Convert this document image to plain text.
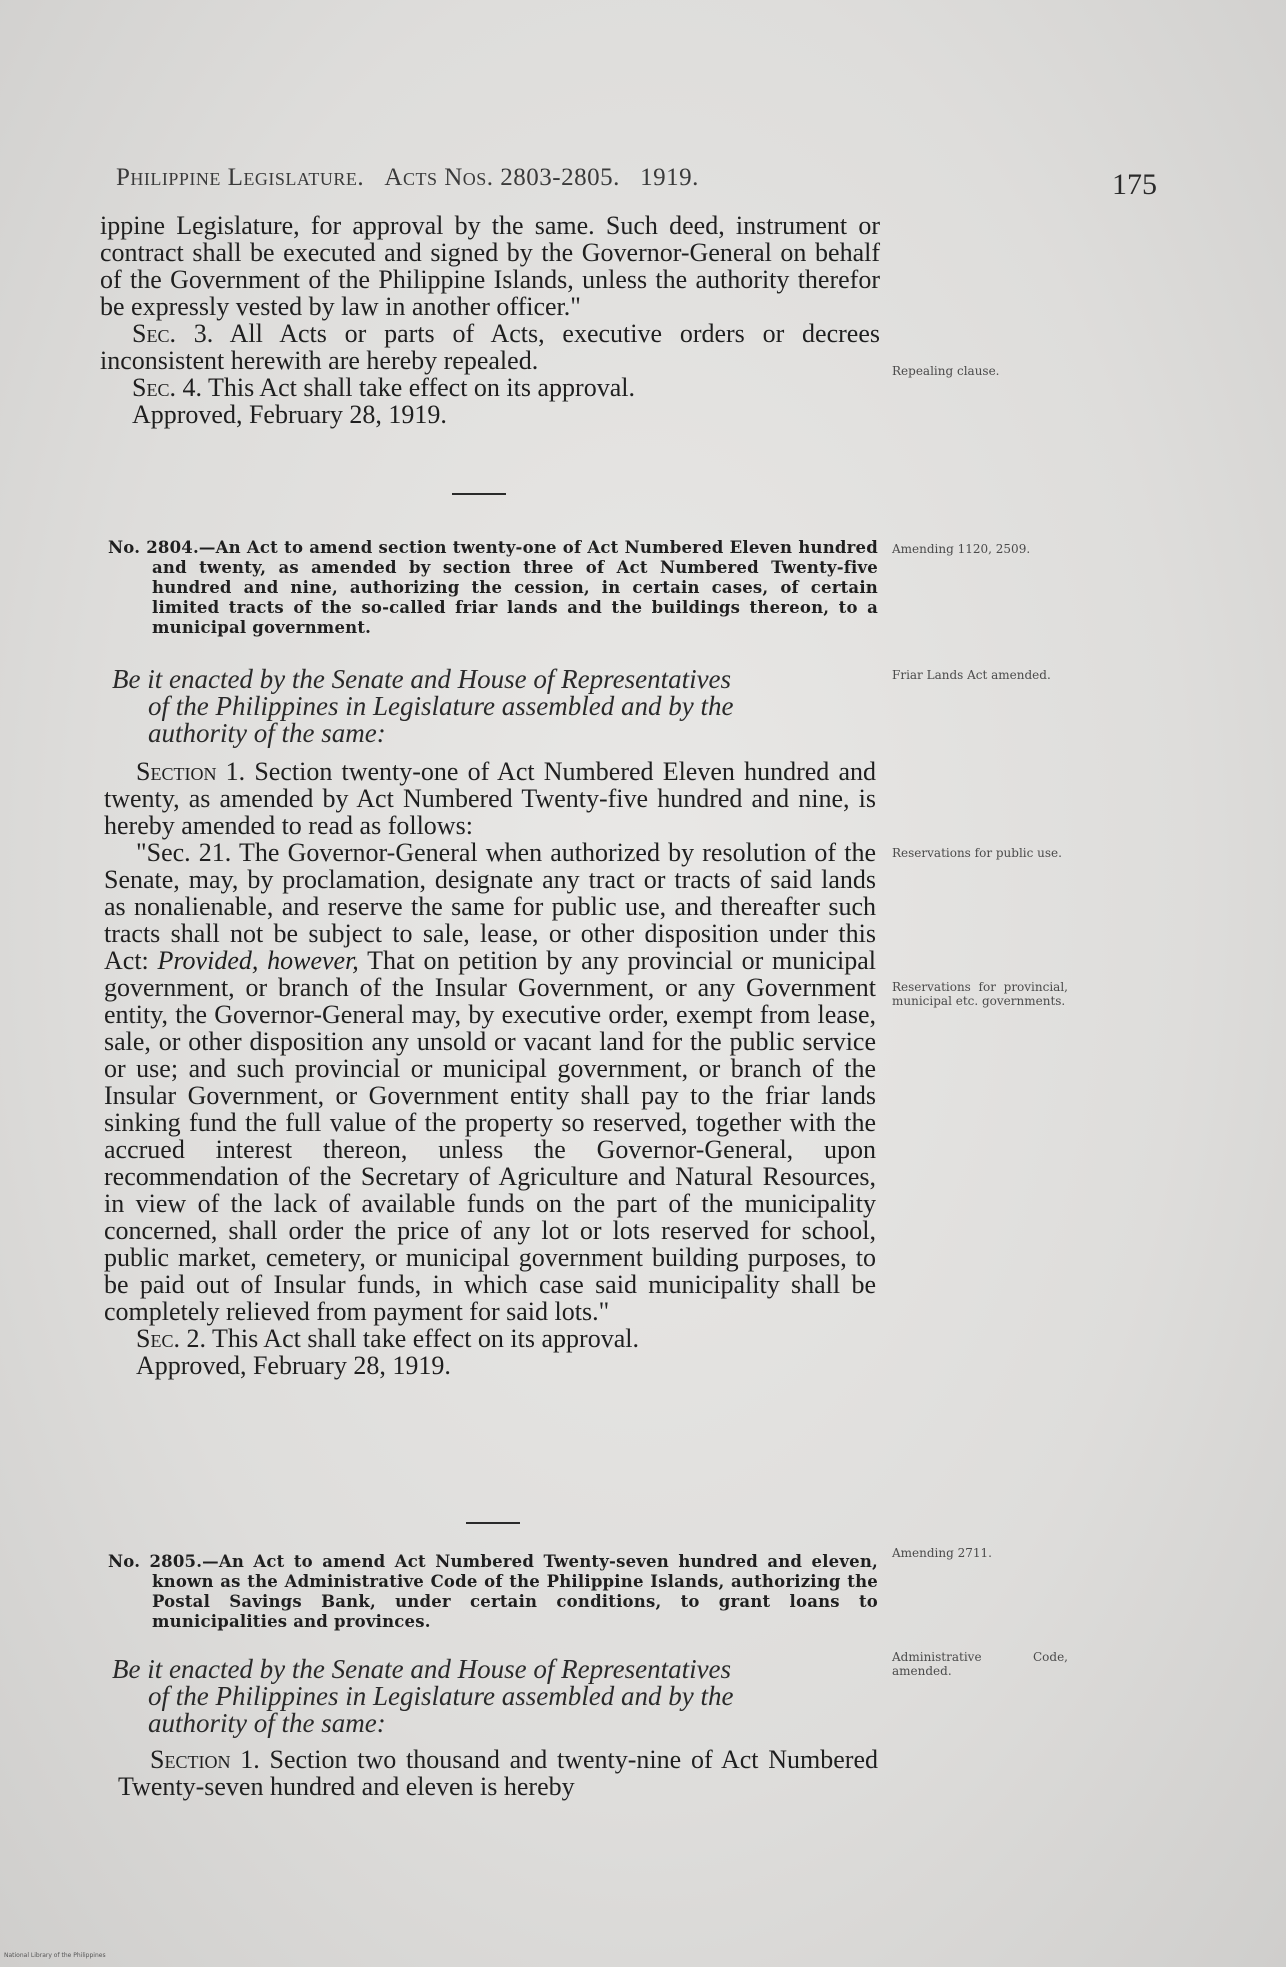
Philippine Legislature. Acts Nos. 2803-2805. 1919.	175

ippine Legislature, for approval by the same. Such deed, instrument or contract shall be executed and signed by the Governor-General on behalf of the Government of the Philippine Islands, unless the authority therefor be expressly vested by law in another officer."

Sec. 3. All Acts or parts of Acts, executive orders or decrees inconsistent herewith are hereby repealed.

Sec. 4. This Act shall take effect on its approval.

Approved, February 28, 1919.

No. 2804.—An Act to amend section twenty-one of Act Numbered Eleven hundred and twenty, as amended by section three of Act Numbered Twenty-five hundred and nine, authorizing the cession, in certain cases, of certain limited tracts of the so-called friar lands and the buildings thereon, to a municipal government.
Be it enacted by the Senate and House of Representatives
of the Philippines in Legislature assembled and by the
authority of the same:

Section 1. Section twenty-one of Act Numbered Eleven hundred and twenty, as amended by Act Numbered Twenty-five hundred and nine, is hereby amended to read as follows:

"Sec. 21. The Governor-General when authorized by resolution of the Senate, may, by proclamation, designate any tract or tracts of said lands as nonalienable, and reserve the same for public use, and thereafter such tracts shall not be subject to sale, lease, or other disposition under this Act: Provided, however, That on petition by any provincial or municipal government, or branch of the Insular Government, or any Government entity, the Governor-General may, by executive order, exempt from lease, sale, or other disposition any unsold or vacant land for the public service or use; and such provincial or municipal government, or branch of the Insular Government, or Government entity shall pay to the friar lands sinking fund the full value of the property so reserved, together with the accrued interest thereon, unless the Governor-General, upon recommendation of the Secretary of Agriculture and Natural Resources, in view of the lack of available funds on the part of the municipality concerned, shall order the price of any lot or lots reserved for school, public market, cemetery, or municipal government building purposes, to be paid out of Insular funds, in which case said municipality shall be completely relieved from payment for said lots."

Sec. 2. This Act shall take effect on its approval.

Approved, February 28, 1919.

No. 2805.—An Act to amend Act Numbered Twenty-seven hundred and eleven, known as the Administrative Code of the Philippine Islands, authorizing the Postal Savings Bank, under certain conditions, to grant loans to municipalities and provinces.
Be it enacted by the Senate and House of Representatives
of the Philippines in Legislature assembled and by the
authority of the same:

Section 1. Section two thousand and twenty-nine of Act Numbered Twenty-seven hundred and eleven is hereby

Repealing clause.
Amending 1120, 2509.
Friar Lands Act amended.
Reservations for public use.
Reservations for provincial, municipal etc. governments.
Amending 2711.
Administrative Code, amended.
National Library of the Philippines
